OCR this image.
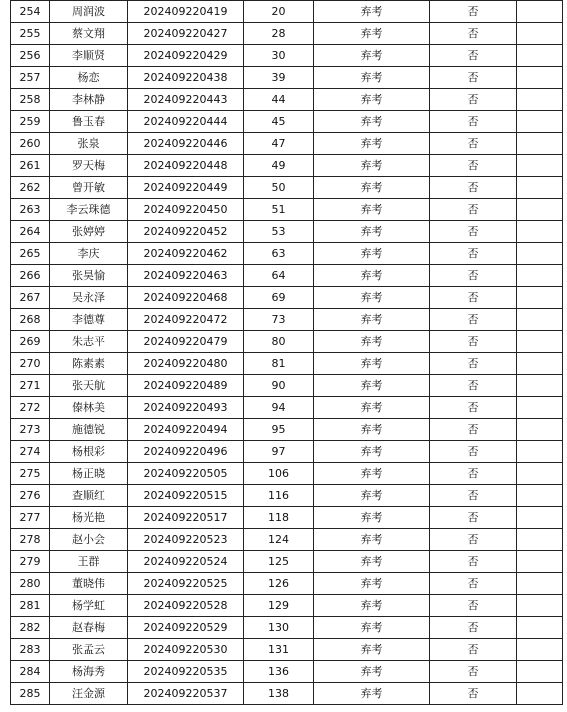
254	周润波	202409220419	20	弃考	否	
255	蔡文翔	202409220427	28	弃考	否	
256	李顺贤	202409220429	30	弃考	否	
257	杨恋	202409220438	39	弃考	否	
258	李林静	202409220443	44	弃考	否	
259	鲁玉春	202409220444	45	弃考	否	
260	张泉	202409220446	47	弃考	否	
261	罗天梅	202409220448	49	弃考	否	
262	曾开敏	202409220449	50	弃考	否	
263	李云珠德	202409220450	51	弃考	否	
264	张婷婷	202409220452	53	弃考	否	
265	李庆	202409220462	63	弃考	否	
266	张昊愉	202409220463	64	弃考	否	
267	吴永泽	202409220468	69	弃考	否	
268	李德尊	202409220472	73	弃考	否	
269	朱志平	202409220479	80	弃考	否	
270	陈素素	202409220480	81	弃考	否	
271	张天航	202409220489	90	弃考	否	
272	傣林美	202409220493	94	弃考	否	
273	施德锐	202409220494	95	弃考	否	
274	杨根彩	202409220496	97	弃考	否	
275	杨正晓	202409220505	106	弃考	否	
276	查顺红	202409220515	116	弃考	否	
277	杨光艳	202409220517	118	弃考	否	
278	赵小会	202409220523	124	弃考	否	
279	王群	202409220524	125	弃考	否	
280	董晓伟	202409220525	126	弃考	否	
281	杨学虹	202409220528	129	弃考	否	
282	赵春梅	202409220529	130	弃考	否	
283	张孟云	202409220530	131	弃考	否	
284	杨海秀	202409220535	136	弃考	否	
285	汪金源	202409220537	138	弃考	否	
